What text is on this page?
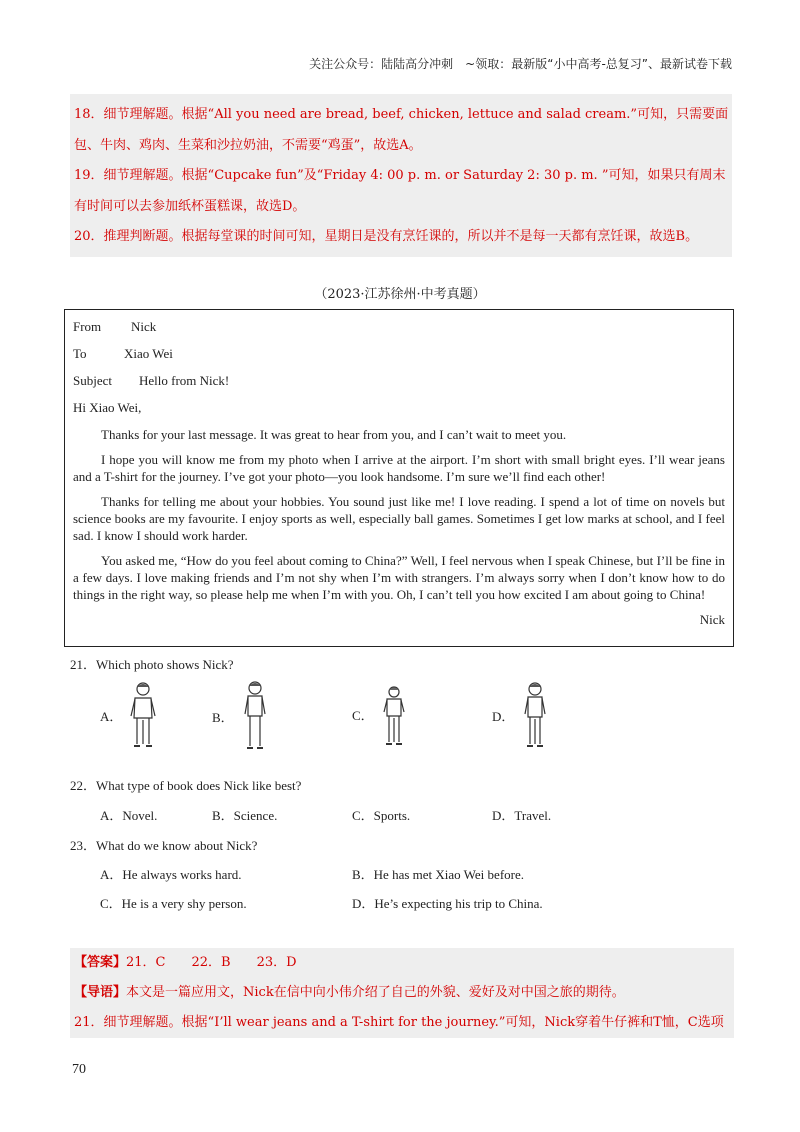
关注公众号：陆陆高分冲刺　~领取：最新版“小中高考-总复习”、最新试卷下载

18．细节理解题。根据“All you need are bread, beef, chicken, lettuce and salad cream.”可知，只需要面包、牛肉、鸡肉、生菜和沙拉奶油，不需要“鸡蛋”，故选A。

19．细节理解题。根据“Cupcake fun”及“Friday 4: 00 p. m. or Saturday 2: 30 p. m. ”可知，如果只有周末有时间可以去参加纸杯蛋糕课，故选D。

20．推理判断题。根据每堂课的时间可知，星期日是没有烹饪课的，所以并不是每一天都有烹饪课，故选B。

（2023·江苏徐州·中考真题）
From	Nick
To	Xiao Wei
Subject	Hello from Nick!

Hi Xiao Wei,

Thanks for your last message. It was great to hear from you, and I can’t wait to meet you.

I hope you will know me from my photo when I arrive at the airport. I’m short with small bright eyes. I’ll wear jeans and a T-shirt for the journey. I’ve got your photo—you look handsome. I’m sure we’ll find each other!

Thanks for telling me about your hobbies. You sound just like me! I love reading. I spend a lot of time on novels but science books are my favourite. I enjoy sports as well, especially ball games. Sometimes I get low marks at school, and I feel sad. I know I should work harder.

You asked me, “How do you feel about coming to China?” Well, I feel nervous when I speak Chinese, but I’ll be fine in a few days. I love making friends and I’m not shy when I’m with strangers. I’m always sorry when I don’t know how to do things in the right way, so please help me when I’m with you. Oh, I can’t tell you how excited I am about going to China!

Nick
21．Which photo shows Nick?
A．	B．	C．	D．
22．What type of book does Nick like best?
A．Novel.	B．Science.	C．Sports.	D．Travel.
23．What do we know about Nick?
A．He always works hard.	B．He has met Xiao Wei before.
C．He is a very shy person.	D．He’s expecting his trip to China.

【答案】21．C　　22．B　　23．D

【导语】本文是一篇应用文，Nick在信中向小伟介绍了自己的外貌、爱好及对中国之旅的期待。

21．细节理解题。根据“I’ll wear jeans and a T-shirt for the journey.”可知，Nick穿着牛仔裤和T恤，C选项

70
